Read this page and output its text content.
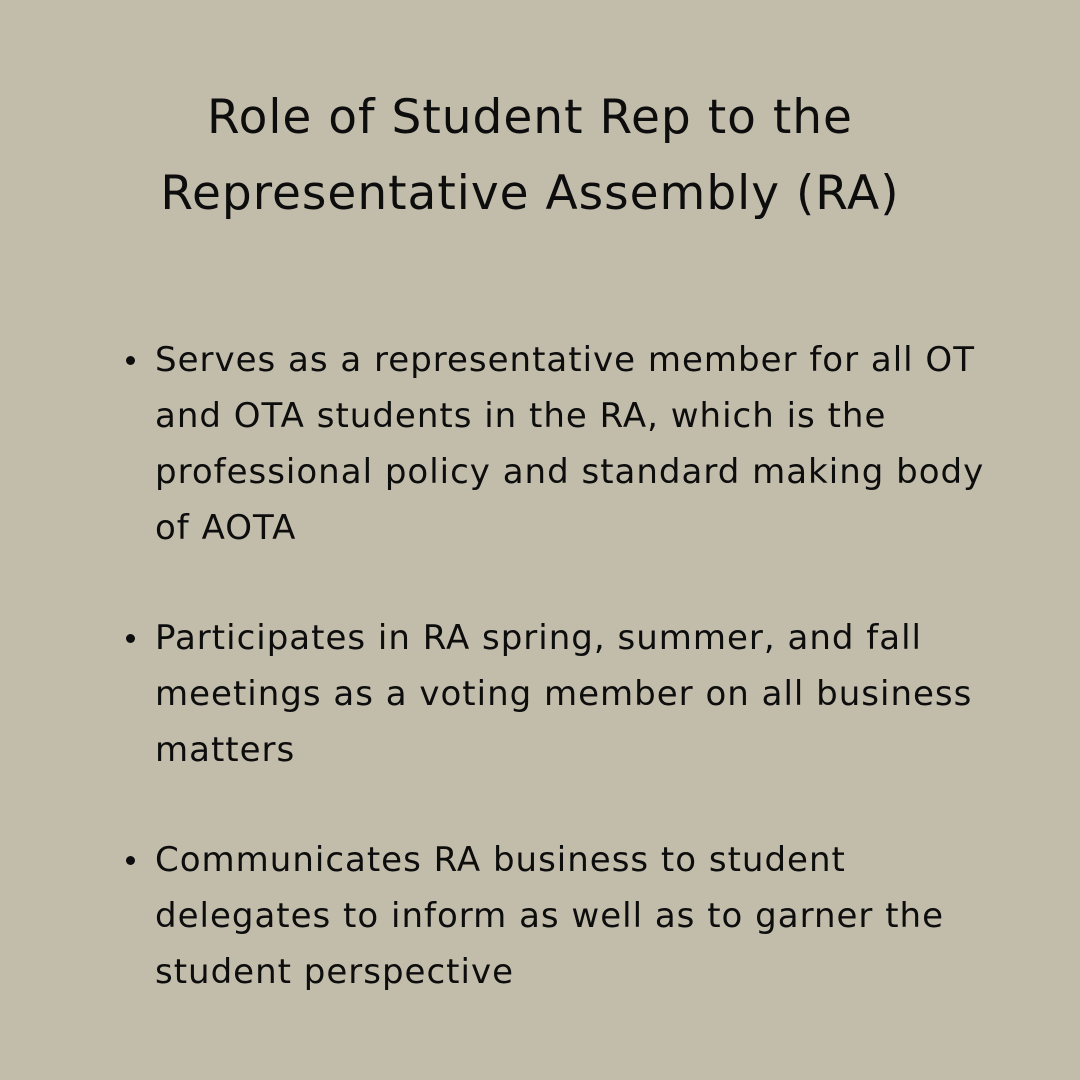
Role of Student Rep to the
Representative Assembly (RA)
Serves as a representative member for all OT and OTA students in the RA, which is the professional policy and standard making body of AOTA
Participates in RA spring, summer, and fall meetings as a voting member on all business matters
Communicates RA business to student delegates to inform as well as to garner the student perspective
